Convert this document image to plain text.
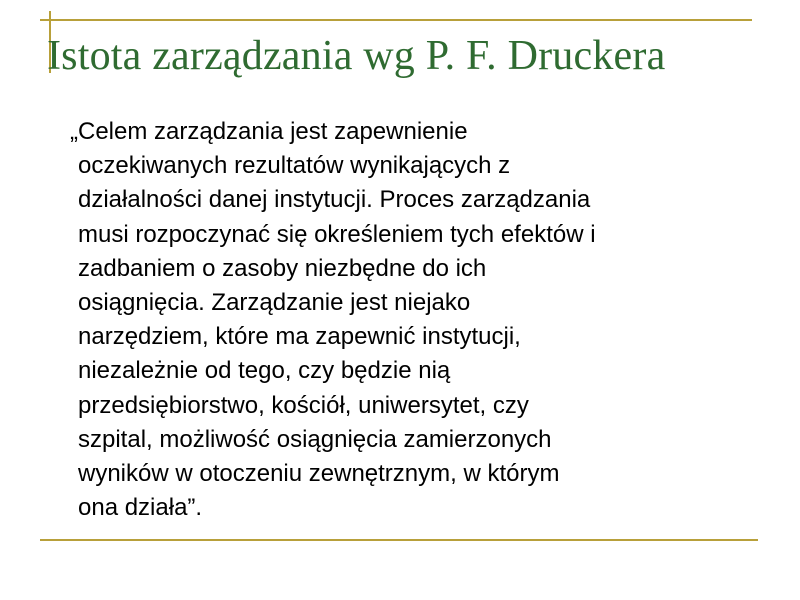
Istota zarządzania wg P. F. Druckera
„Celem zarządzania jest zapewnienie
oczekiwanych rezultatów wynikających z
działalności danej instytucji. Proces zarządzania
musi rozpoczynać się określeniem tych efektów i
zadbaniem o zasoby niezbędne do ich
osiągnięcia. Zarządzanie jest niejako
narzędziem, które ma zapewnić instytucji,
niezależnie od tego, czy będzie nią
przedsiębiorstwo, kościół, uniwersytet, czy
szpital, możliwość osiągnięcia zamierzonych
wyników w otoczeniu zewnętrznym, w którym
ona działa”.
